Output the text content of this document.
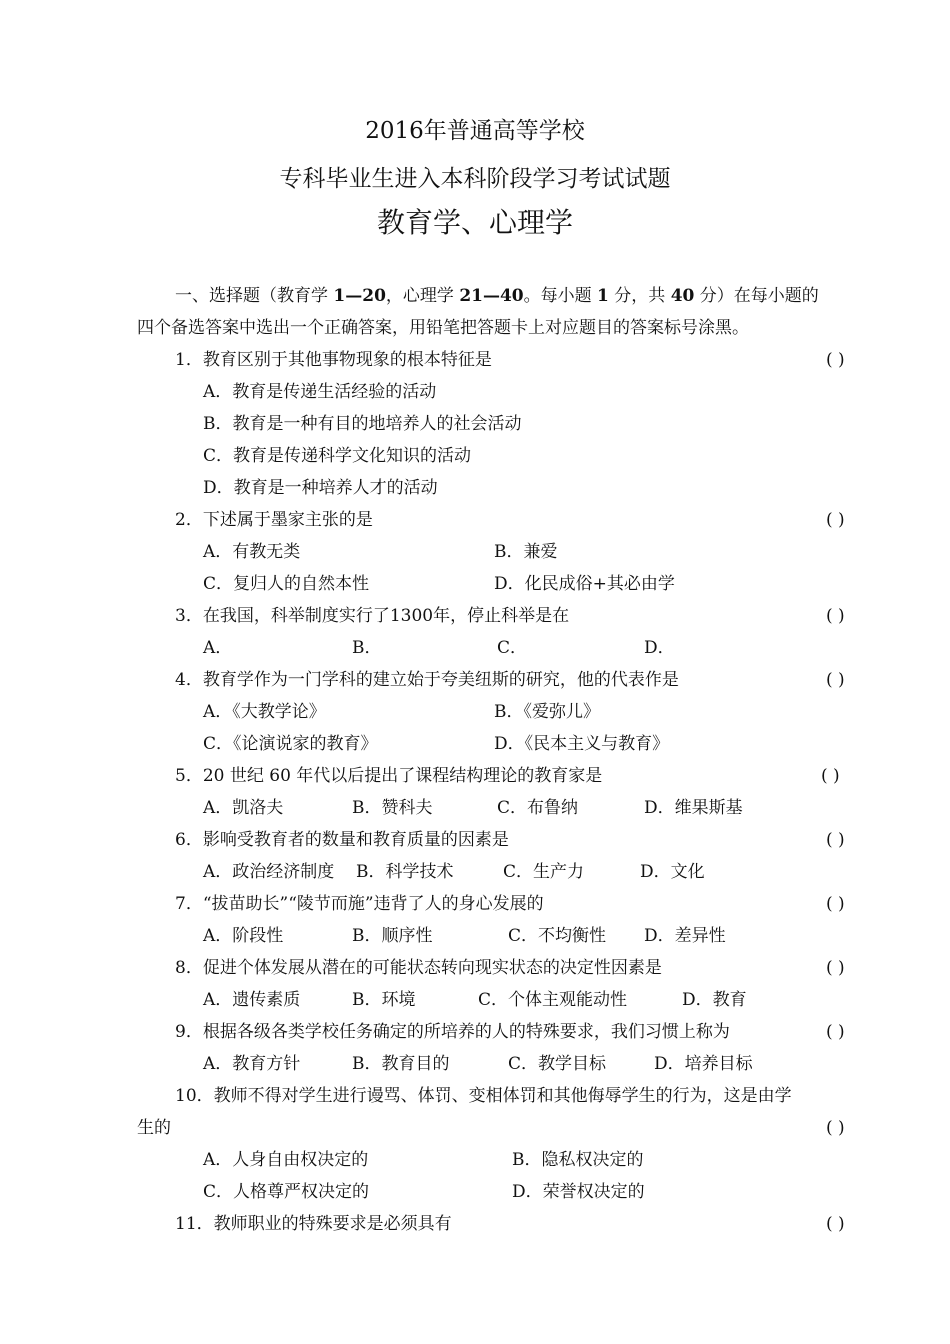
2016年普通高等学校
专科毕业生进入本科阶段学习考试试题
教育学、心理学
一、选择题（教育学 1—20，心理学 21—40。每小题 1 分，共 40 分）在每小题的
四个备选答案中选出一个正确答案，用铅笔把答题卡上对应题目的答案标号涂黑。
1．教育区别于其他事物现象的根本特征是	( )
A．教育是传递生活经验的活动
B．教育是一种有目的地培养人的社会活动
C．教育是传递科学文化知识的活动
D．教育是一种培养人才的活动
2．下述属于墨家主张的是	( )
A．有教无类	B．兼爱
C．复归人的自然本性	D．化民成俗+其必由学
3．在我国，科举制度实行了1300年，停止科举是在	( )
A．	B．	C．	D．
4．教育学作为一门学科的建立始于夸美纽斯的研究，他的代表作是	( )
A．《大教学论》	B．《爱弥儿》
C．《论演说家的教育》	D．《民本主义与教育》
5．20 世纪 60 年代以后提出了课程结构理论的教育家是	( )
A．凯洛夫	B．赞科夫	C．布鲁纳	D．维果斯基
6．影响受教育者的数量和教育质量的因素是	( )
A．政治经济制度 B．科学技术	C．生产力	D．文化
7．“拔苗助长”“陵节而施”违背了人的身心发展的	( )
A．阶段性	B．顺序性	C．不均衡性 D．差异性
8．促进个体发展从潜在的可能状态转向现实状态的决定性因素是	( )
A．遗传素质	B．环境	C．个体主观能动性	D．教育
9．根据各级各类学校任务确定的所培养的人的特殊要求，我们习惯上称为	( )
A．教育方针	B．教育目的	C．教学目标	D．培养目标
10．教师不得对学生进行谩骂、体罚、变相体罚和其他侮辱学生的行为，这是由学
生的	( )
A．人身自由权决定的	B．隐私权决定的
C．人格尊严权决定的	D．荣誉权决定的
11．教师职业的特殊要求是必须具有	( )
